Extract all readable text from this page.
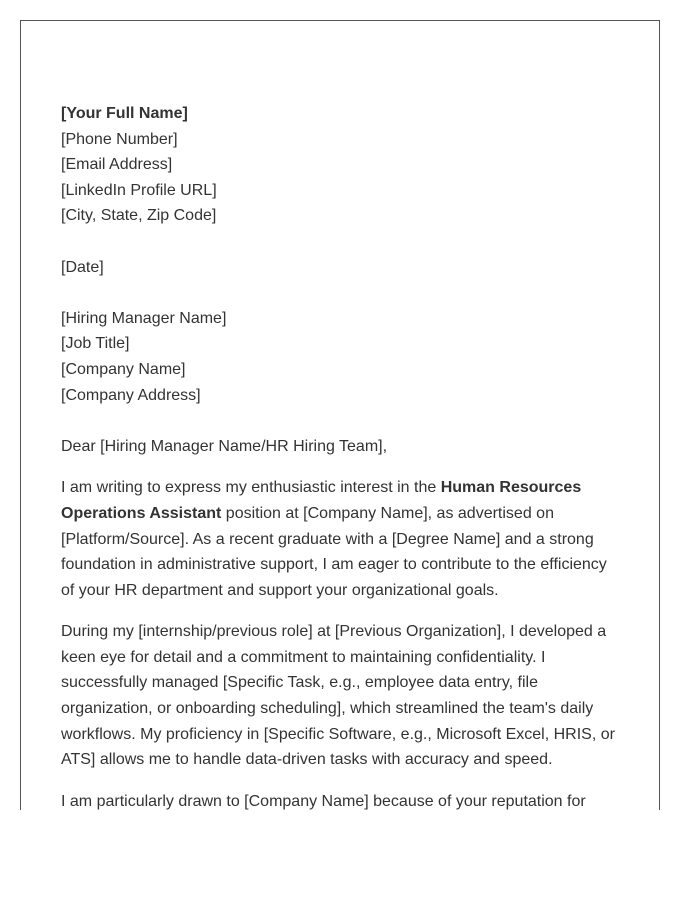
[Your Full Name]
[Phone Number]
[Email Address]
[LinkedIn Profile URL]
[City, State, Zip Code]
[Date]
[Hiring Manager Name]
[Job Title]
[Company Name]
[Company Address]

Dear [Hiring Manager Name/HR Hiring Team],

I am writing to express my enthusiastic interest in the Human Resources Operations Assistant position at [Company Name], as advertised on [Platform/Source]. As a recent graduate with a [Degree Name] and a strong foundation in administrative support, I am eager to contribute to the efficiency of your HR department and support your organizational goals.

During my [internship/previous role] at [Previous Organization], I developed a keen eye for detail and a commitment to maintaining confidentiality. I successfully managed [Specific Task, e.g., employee data entry, file organization, or onboarding scheduling], which streamlined the team's daily workflows. My proficiency in [Specific Software, e.g., Microsoft Excel, HRIS, or ATS] allows me to handle data-driven tasks with accuracy and speed.

I am particularly drawn to [Company Name] because of your reputation for
